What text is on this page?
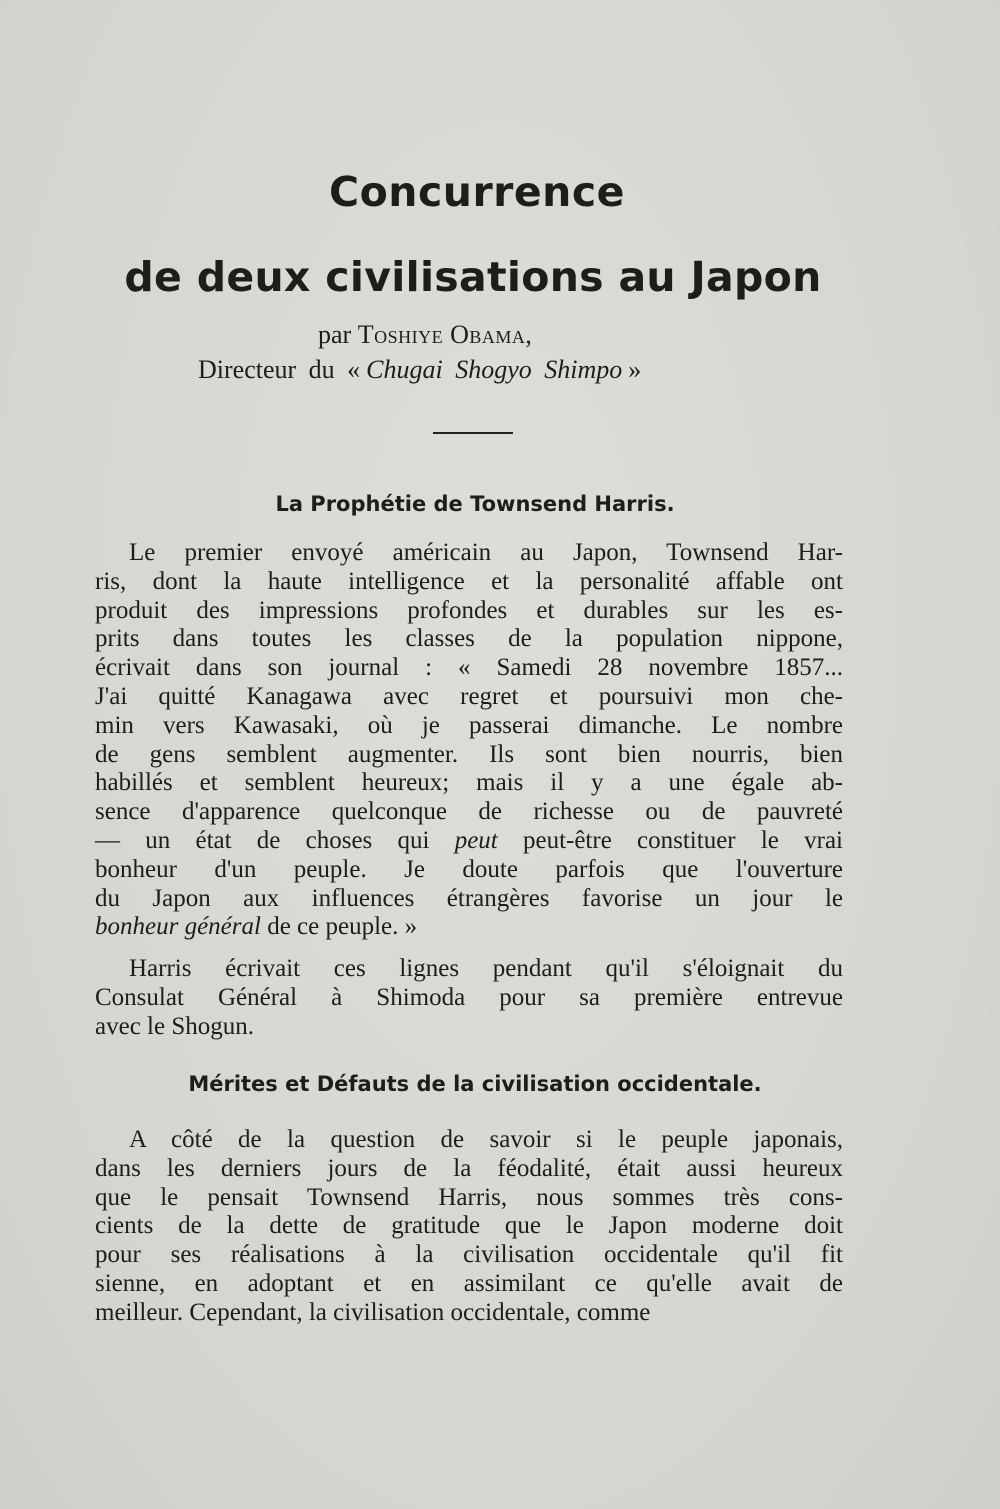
Concurrence
de deux civilisations au Japon
par Toshiye Obama,
Directeur du « Chugai Shogyo Shimpo »
La Prophétie de Townsend Harris.
Le premier envoyé américain au Japon, Townsend Har-
ris, dont la haute intelligence et la personalité affable ont
produit des impressions profondes et durables sur les es-
prits dans toutes les classes de la population nippone,
écrivait dans son journal : « Samedi 28 novembre 1857...
J'ai quitté Kanagawa avec regret et poursuivi mon che-
min vers Kawasaki, où je passerai dimanche. Le nombre
de gens semblent augmenter. Ils sont bien nourris, bien
habillés et semblent heureux; mais il y a une égale ab-
sence d'apparence quelconque de richesse ou de pauvreté
— un état de choses qui peut peut-être constituer le vrai
bonheur d'un peuple. Je doute parfois que l'ouverture
du Japon aux influences étrangères favorise un jour le
bonheur général de ce peuple. »
Harris écrivait ces lignes pendant qu'il s'éloignait du
Consulat Général à Shimoda pour sa première entrevue
avec le Shogun.
Mérites et Défauts de la civilisation occidentale.
A côté de la question de savoir si le peuple japonais,
dans les derniers jours de la féodalité, était aussi heureux
que le pensait Townsend Harris, nous sommes très cons-
cients de la dette de gratitude que le Japon moderne doit
pour ses réalisations à la civilisation occidentale qu'il fit
sienne, en adoptant et en assimilant ce qu'elle avait de
meilleur. Cependant, la civilisation occidentale, comme
